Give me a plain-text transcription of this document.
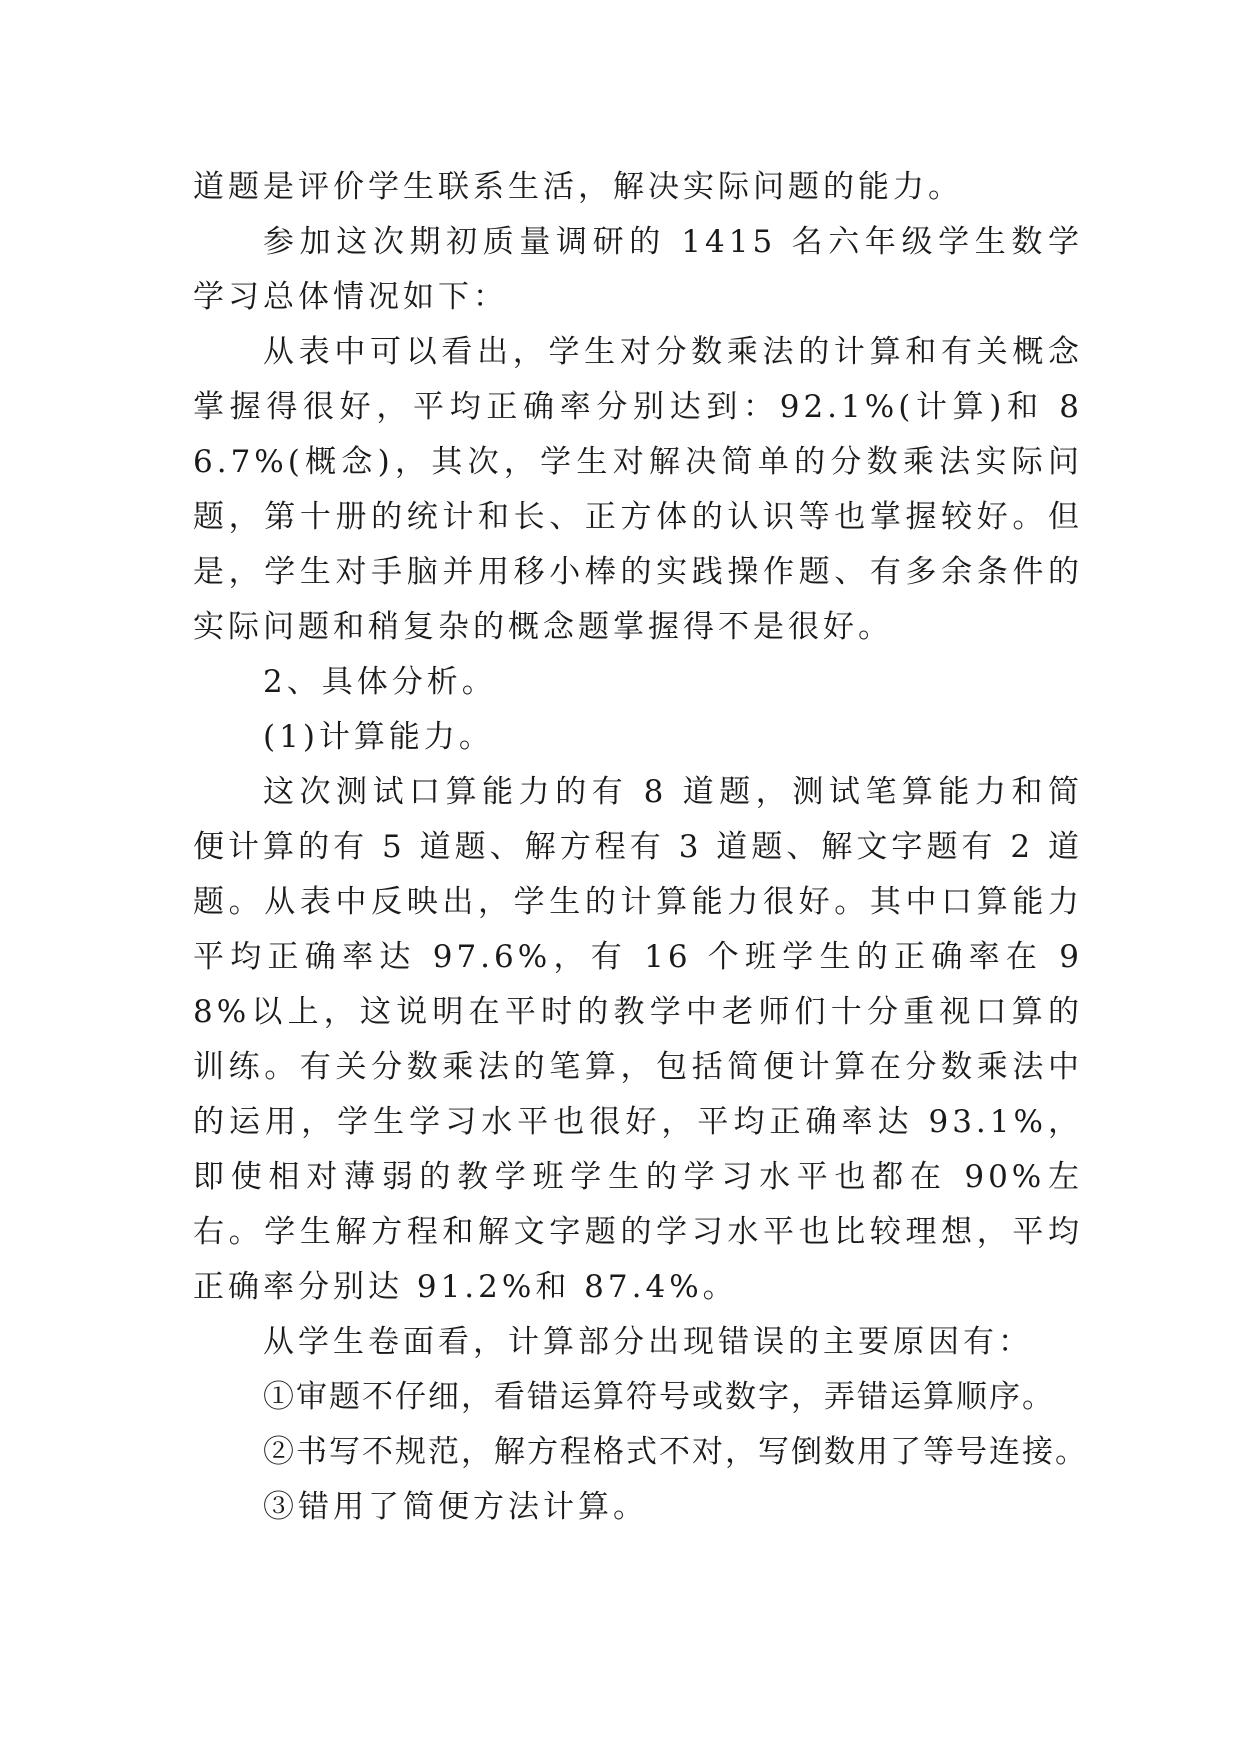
道题是评价学生联系生活，解决实际问题的能力。

参加这次期初质量调研的 1415 名六年级学生数学学习总体情况如下：

从表中可以看出，学生对分数乘法的计算和有关概念掌握得很好，平均正确率分别达到：92.1%(计算)和 86.7%(概念)，其次，学生对解决简单的分数乘法实际问题，第十册的统计和长、正方体的认识等也掌握较好。但是，学生对手脑并用移小棒的实践操作题、有多余条件的实际问题和稍复杂的概念题掌握得不是很好。

2、具体分析。

(1)计算能力。

这次测试口算能力的有 8 道题，测试笔算能力和简便计算的有 5 道题、解方程有 3 道题、解文字题有 2 道题。从表中反映出，学生的计算能力很好。其中口算能力平均正确率达 97.6%，有 16 个班学生的正确率在 98%以上，这说明在平时的教学中老师们十分重视口算的训练。有关分数乘法的笔算，包括简便计算在分数乘法中的运用，学生学习水平也很好，平均正确率达 93.1%，即使相对薄弱的教学班学生的学习水平也都在 90%左右。学生解方程和解文字题的学习水平也比较理想，平均正确率分别达 91.2%和 87.4%。

从学生卷面看，计算部分出现错误的主要原因有：

①审题不仔细，看错运算符号或数字，弄错运算顺序。

②书写不规范，解方程格式不对，写倒数用了等号连接。

③错用了简便方法计算。
